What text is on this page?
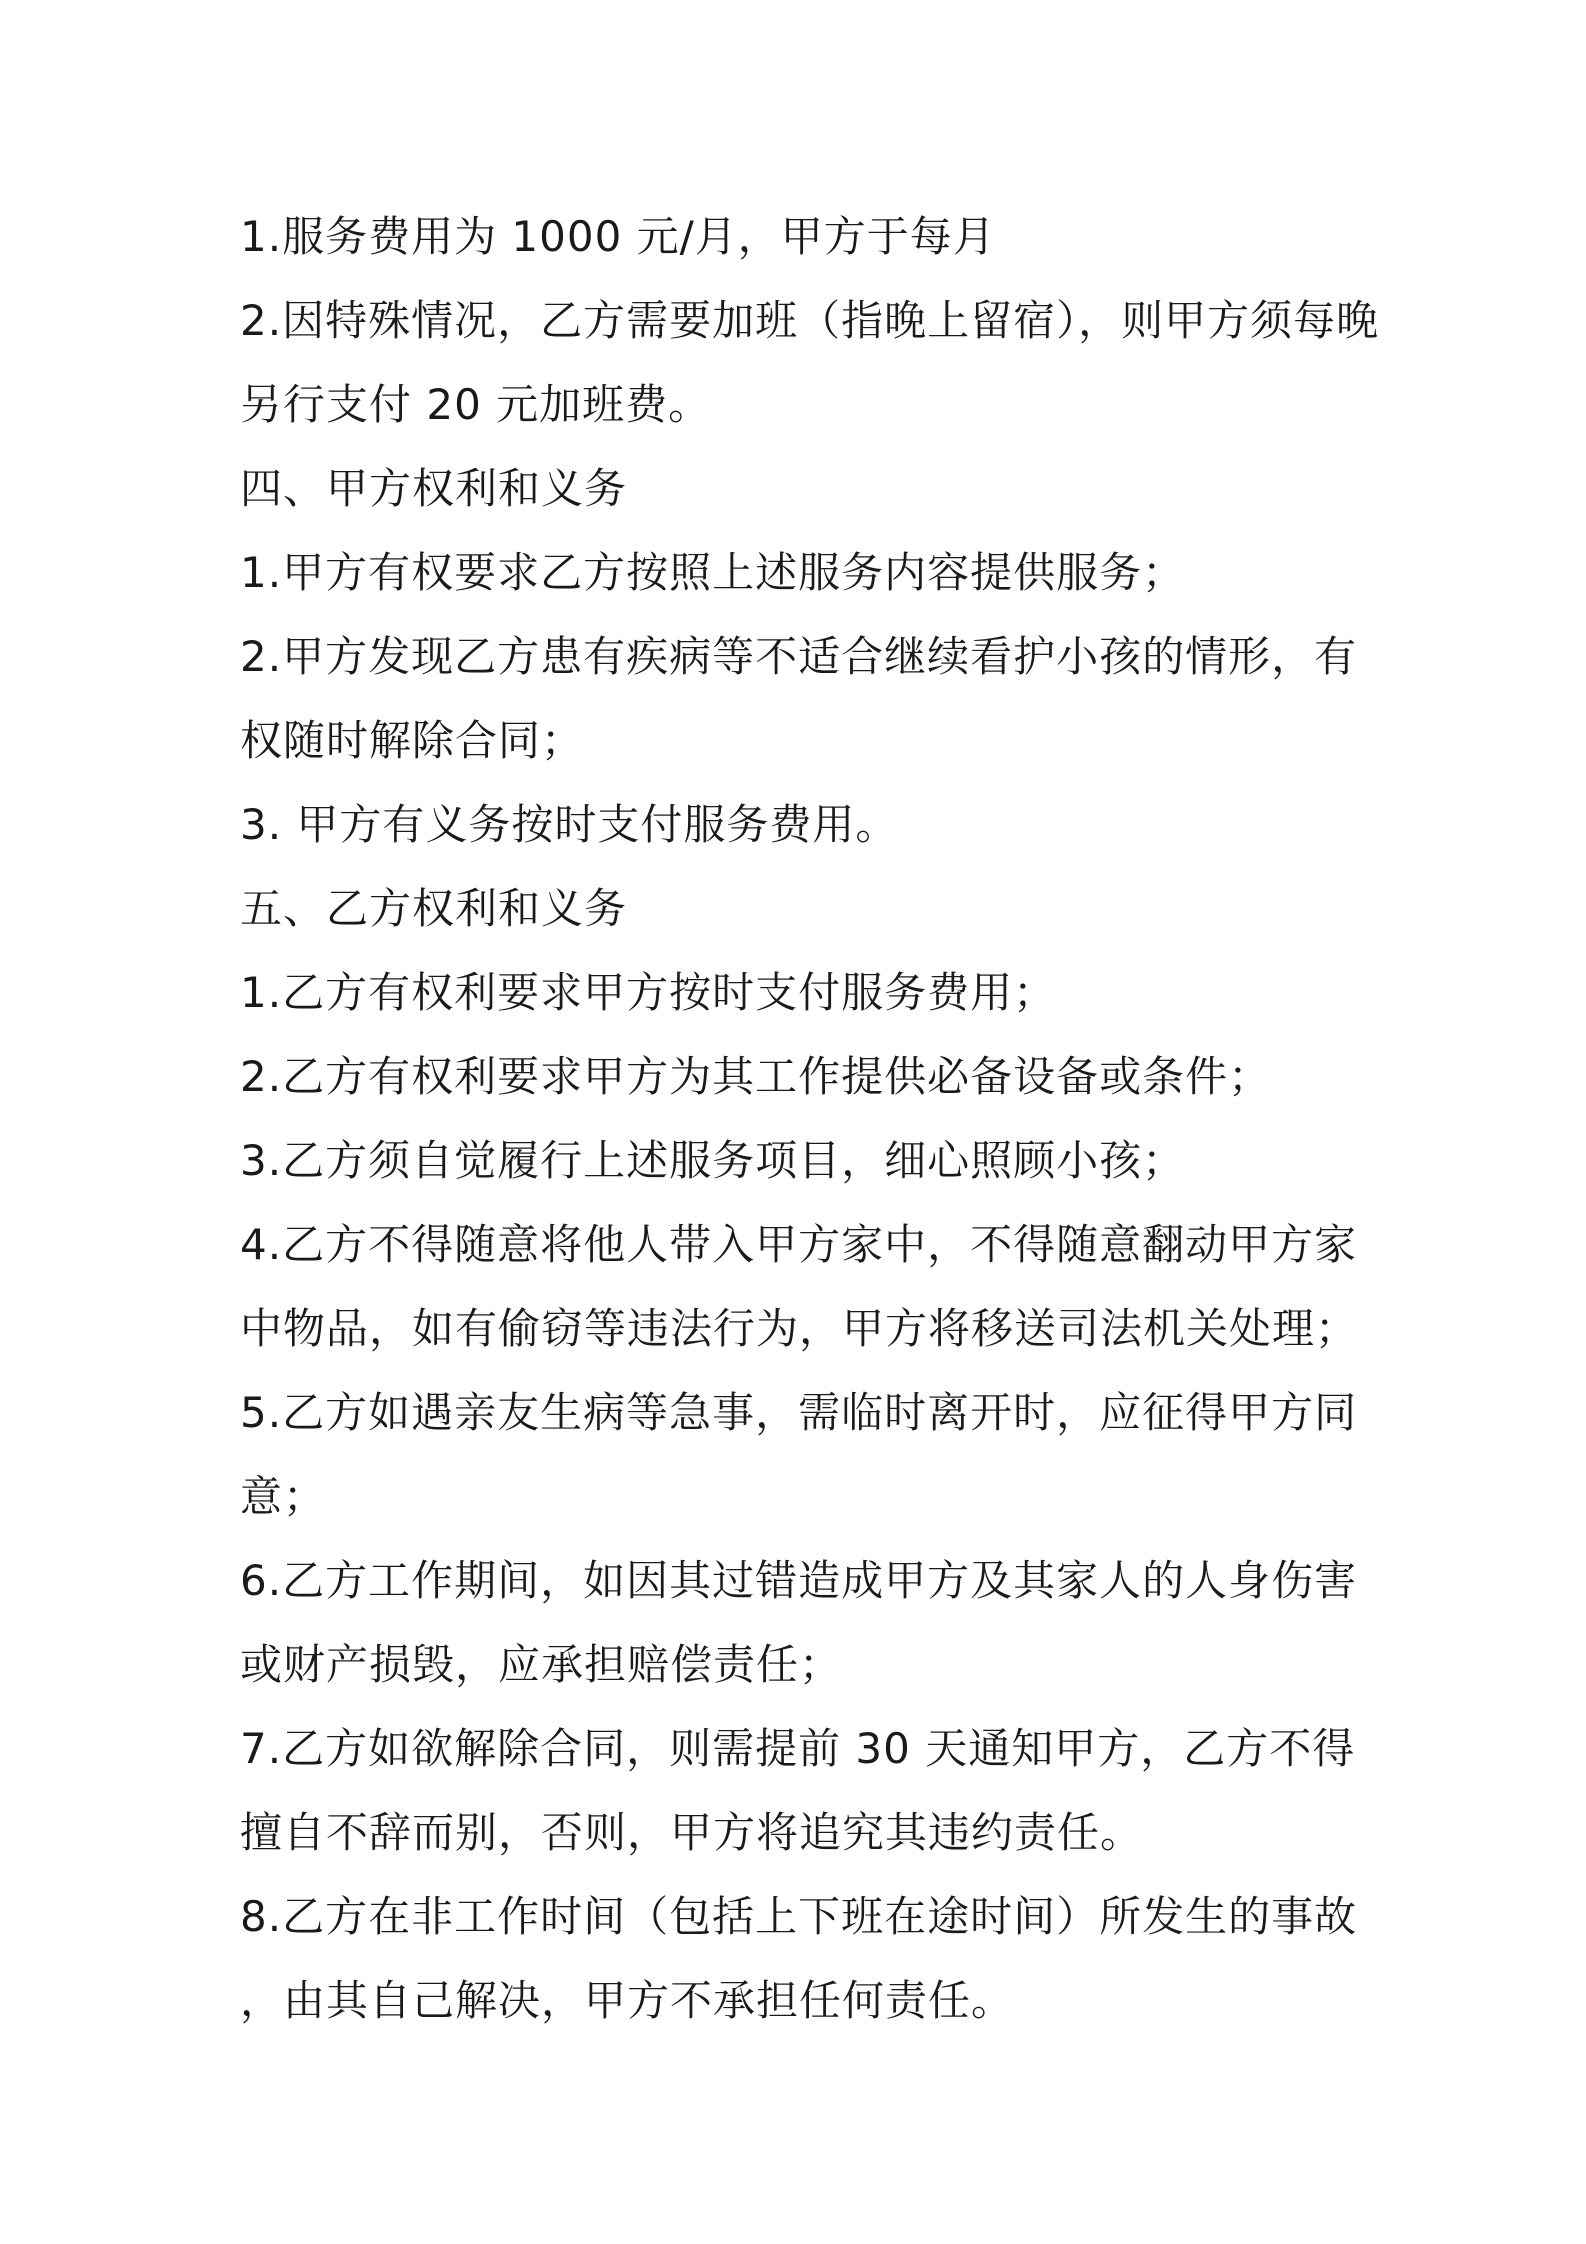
1.服务费用为 1000 元/月，甲方于每月
2.因特殊情况，乙方需要加班（指晚上留宿），则甲方须每晚
另行支付 20 元加班费。
四、甲方权利和义务
1.甲方有权要求乙方按照上述服务内容提供服务；
2.甲方发现乙方患有疾病等不适合继续看护小孩的情形，有
权随时解除合同；
3. 甲方有义务按时支付服务费用。
五、乙方权利和义务
1.乙方有权利要求甲方按时支付服务费用；
2.乙方有权利要求甲方为其工作提供必备设备或条件；
3.乙方须自觉履行上述服务项目，细心照顾小孩；
4.乙方不得随意将他人带入甲方家中，不得随意翻动甲方家
中物品，如有偷窃等违法行为，甲方将移送司法机关处理；
5.乙方如遇亲友生病等急事，需临时离开时，应征得甲方同
意；
6.乙方工作期间，如因其过错造成甲方及其家人的人身伤害
或财产损毁，应承担赔偿责任；
7.乙方如欲解除合同，则需提前 30 天通知甲方，乙方不得
擅自不辞而别，否则，甲方将追究其违约责任。
8.乙方在非工作时间（包括上下班在途时间）所发生的事故
，由其自己解决，甲方不承担任何责任。
